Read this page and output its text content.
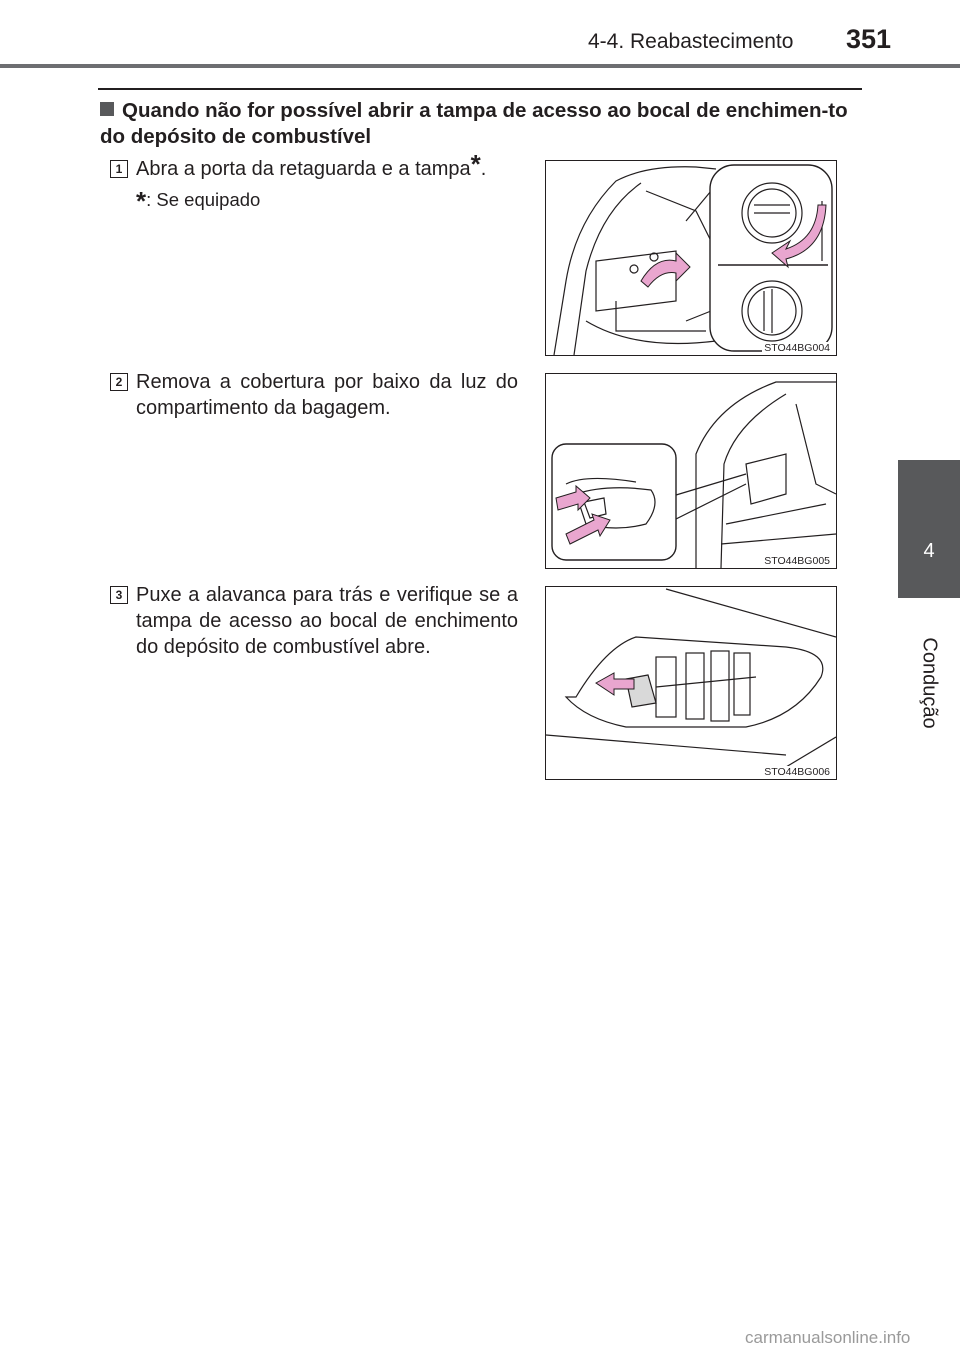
4-4. Reabastecimento 351
4
Condução
Quando não for possível abrir a tampa de acesso ao bocal de enchimen-to do depósito de combustível
1 Abra a porta da retaguarda e a tampa*.
*: Se equipado
STO44BG004
2 Remova a cobertura por baixo da luz do compartimento da bagagem.
STO44BG005
3 Puxe a alavanca para trás e verifique se a tampa de acesso ao bocal de enchimento do depósito de combustível abre.
STO44BG006
carmanualsonline.info
